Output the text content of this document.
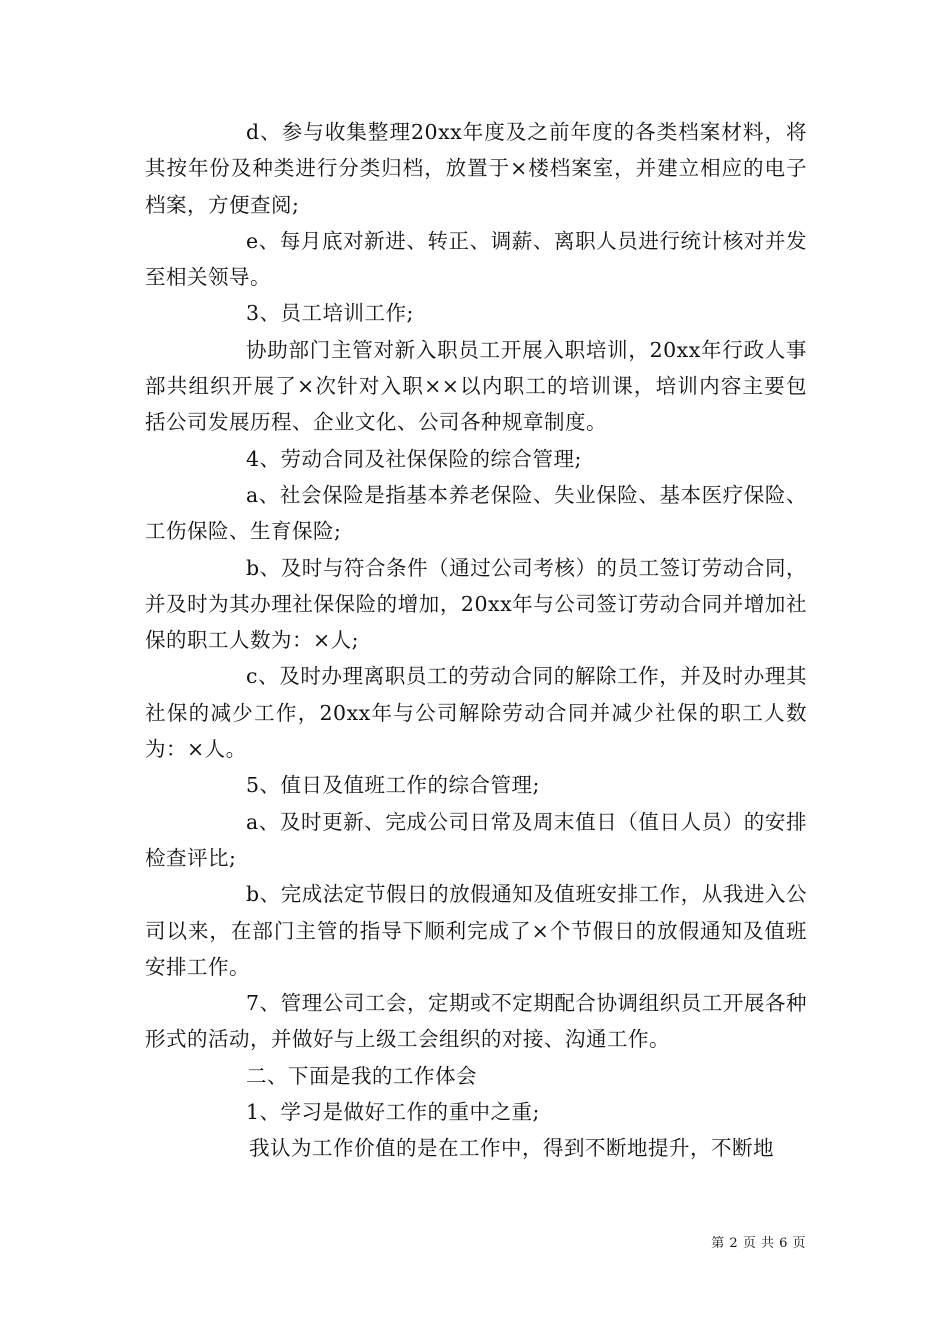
d、参与收集整理20xx年度及之前年度的各类档案材料，将其按年份及种类进行分类归档，放置于×楼档案室，并建立相应的电子档案，方便查阅;

e、每月底对新进、转正、调薪、离职人员进行统计核对并发至相关领导。

3、员工培训工作;

协助部门主管对新入职员工开展入职培训，20xx年行政人事部共组织开展了×次针对入职××以内职工的培训课，培训内容主要包括公司发展历程、企业文化、公司各种规章制度。

4、劳动合同及社保保险的综合管理;

a、社会保险是指基本养老保险、失业保险、基本医疗保险、工伤保险、生育保险;

b、及时与符合条件（通过公司考核）的员工签订劳动合同，并及时为其办理社保保险的增加，20xx年与公司签订劳动合同并增加社保的职工人数为：×人;

c、及时办理离职员工的劳动合同的解除工作，并及时办理其社保的减少工作，20xx年与公司解除劳动合同并减少社保的职工人数为：×人。

5、值日及值班工作的综合管理;

a、及时更新、完成公司日常及周末值日（值日人员）的安排检查评比;

b、完成法定节假日的放假通知及值班安排工作，从我进入公司以来，在部门主管的指导下顺利完成了×个节假日的放假通知及值班安排工作。

7、管理公司工会，定期或不定期配合协调组织员工开展各种形式的活动，并做好与上级工会组织的对接、沟通工作。

二、下面是我的工作体会

1、学习是做好工作的重中之重;

我认为工作价值的是在工作中，得到不断地提升，不断地

第 2 页 共 6 页
